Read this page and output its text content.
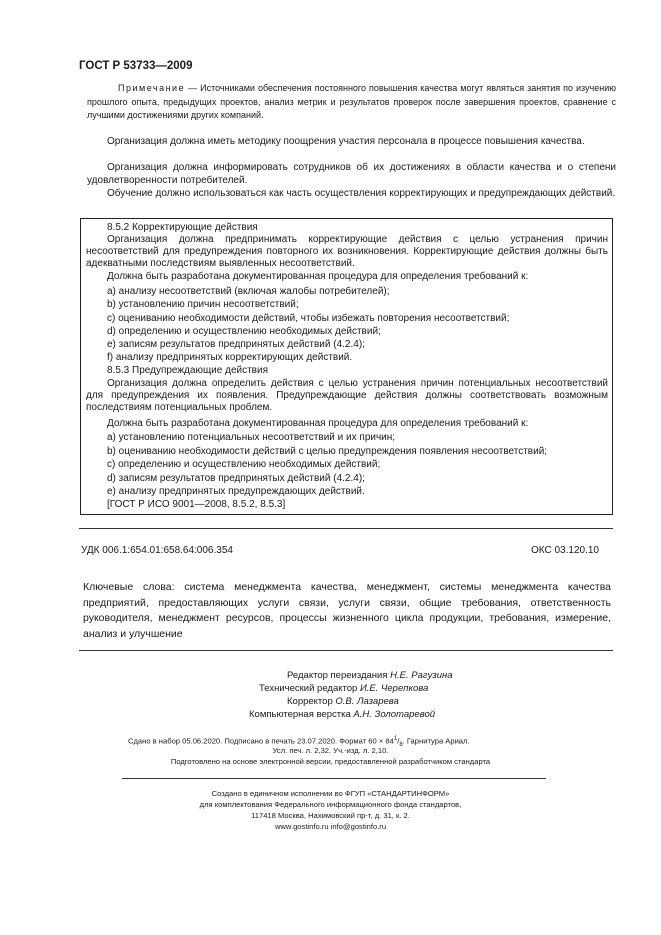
ГОСТ Р 53733—2009
Примечание — Источниками обеспечения постоянного повышения качества могут являться занятия по изучению прошлого опыта, предыдущих проектов, анализ метрик и результатов проверок после завершения проектов, сравнение с лучшими достижениями других компаний.
Организация должна иметь методику поощрения участия персонала в процессе повышения качества.
Организация должна информировать сотрудников об их достижениях в области качества и о степени удовлетворенности потребителей.
Обучение должно использоваться как часть осуществления корректирующих и предупреждающих действий.
8.5.2 Корректирующие действия
Организация должна предпринимать корректирующие действия с целью устранения причин несоответствий для предупреждения повторного их возникновения. Корректирующие действия должны быть адекватными последствиям выявленных несоответствий.
Должна быть разработана документированная процедура для определения требований к:
a) анализу несоответствий (включая жалобы потребителей);
b) установлению причин несоответствий;
c) оцениванию необходимости действий, чтобы избежать повторения несоответствий;
d) определению и осуществлению необходимых действий;
e) записям результатов предпринятых действий (4.2.4);
f) анализу предпринятых корректирующих действий.
8.5.3 Предупреждающие действия
Организация должна определить действия с целью устранения причин потенциальных несоответствий для предупреждения их появления. Предупреждающие действия должны соответствовать возможным последствиям потенциальных проблем.
Должна быть разработана документированная процедура для определения требований к:
a) установлению потенциальных несоответствий и их причин;
b) оцениванию необходимости действий с целью предупреждения появления несоответствий;
c) определению и осуществлению необходимых действий;
d) записям результатов предпринятых действий (4.2.4);
e) анализу предпринятых предупреждающих действий.
[ГОСТ Р ИСО 9001—2008, 8.5.2, 8.5.3]
УДК 006.1:654.01:658.64:006.354	ОКС 03.120.10
Ключевые слова: система менеджмента качества, менеджмент, системы менеджмента качества предприятий, предоставляющих услуги связи, услуги связи, общие требования, ответственность руководителя, менеджмент ресурсов, процессы жизненного цикла продукции, требования, измерение, анализ и улучшение
Редактор переиздания Н.Е. Рагузина
Технический редактор И.Е. Черепкова
Корректор О.В. Лазарева
Компьютерная верстка А.Н. Золотаревой
Сдано в набор 05.06.2020. Подписано в печать 23.07.2020. Формат $60 \times 84^1/_8$. Гарнитура Ариал.
Усл. печ. л. 2,32. Уч.-изд. л. 2,10.
Подготовлено на основе электронной версии, предоставленной разработчиком стандарта
Создано в единичном исполнении во ФГУП «СТАНДАРТИНФОРМ»
для комплектования Федерального информационного фонда стандартов,
117418 Москва, Нахимовский пр-т, д. 31, к. 2.
www.gostinfo.ru info@gostinfo.ru
